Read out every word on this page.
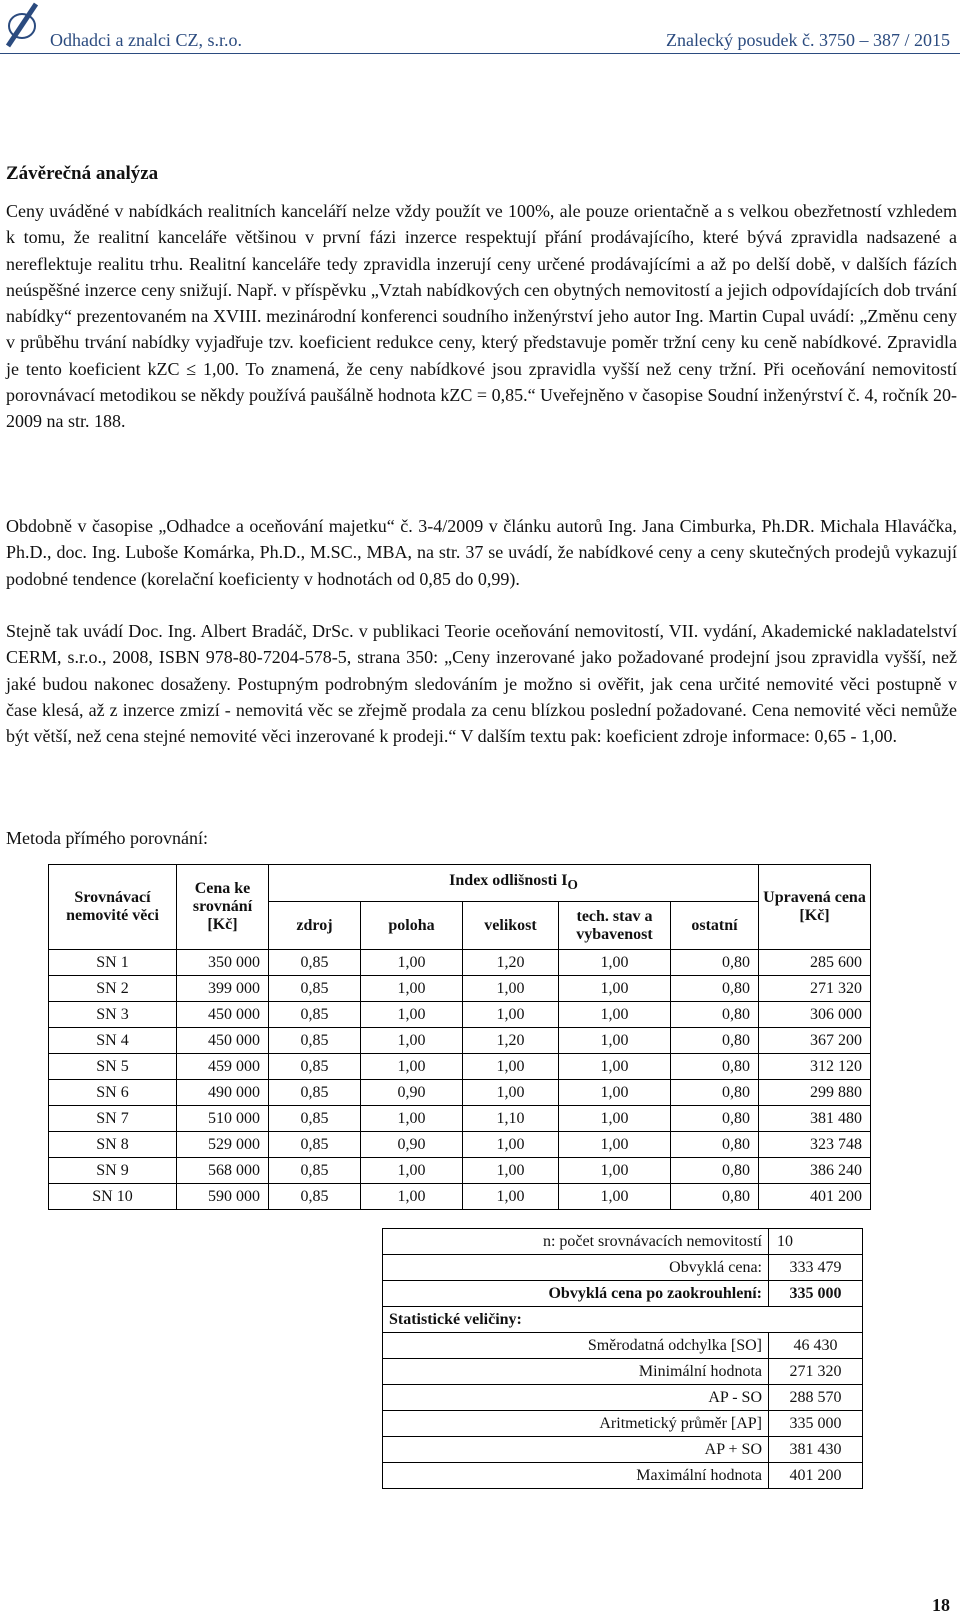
Odhadci a znalci CZ, s.r.o.	Znalecký posudek č. 3750 – 387 / 2015
Závěrečná analýza

Ceny uváděné v nabídkách realitních kanceláří nelze vždy použít ve 100%, ale pouze orientačně a s velkou obezřetností vzhledem k tomu, že realitní kanceláře většinou v první fázi inzerce respektují přání prodávajícího, které bývá zpravidla nadsazené a nereflektuje realitu trhu. Realitní kanceláře tedy zpravidla inzerují ceny určené prodávajícími a až po delší době, v dalších fázích neúspěšné inzerce ceny snižují. Např. v příspěvku „Vztah nabídkových cen obytných nemovitostí a jejich odpovídajících dob trvání nabídky“ prezentovaném na XVIII. mezinárodní konferenci soudního inženýrství jeho autor Ing. Martin Cupal uvádí: „Změnu ceny v průběhu trvání nabídky vyjadřuje tzv. koeficient redukce ceny, který představuje poměr tržní ceny ku ceně nabídkové. Zpravidla je tento koeficient kZC ≤ 1,00. To znamená, že ceny nabídkové jsou zpravidla vyšší než ceny tržní. Při oceňování nemovitostí porovnávací metodikou se někdy používá paušálně hodnota kZC = 0,85.“ Uveřejněno v časopise Soudní inženýrství č. 4, ročník 20-2009 na str. 188.

Obdobně v časopise „Odhadce a oceňování majetku“ č. 3-4/2009 v článku autorů Ing. Jana Cimburka, Ph.DR. Michala Hlaváčka, Ph.D., doc. Ing. Luboše Komárka, Ph.D., M.SC., MBA, na str. 37 se uvádí, že nabídkové ceny a ceny skutečných prodejů vykazují podobné tendence (korelační koeficienty v hodnotách od 0,85 do 0,99).

Stejně tak uvádí Doc. Ing. Albert Bradáč, DrSc. v publikaci Teorie oceňování nemovitostí, VII. vydání, Akademické nakladatelství CERM, s.r.o., 2008, ISBN 978-80-7204-578-5, strana 350: „Ceny inzerované jako požadované prodejní jsou zpravidla vyšší, než jaké budou nakonec dosaženy. Postupným podrobným sledováním je možno si ověřit, jak cena určité nemovité věci postupně v čase klesá, až z inzerce zmizí - nemovitá věc se zřejmě prodala za cenu blízkou poslední požadované. Cena nemovité věci nemůže být větší, než cena stejné nemovité věci inzerované k prodeji.“ V dalším textu pak: koeficient zdroje informace: 0,65 - 1,00.

Metoda přímého porovnání:
Srovnávací nemovité věci	Cena ke srovnání [Kč]	Index odlišnosti $I_O$					Upravená cena [Kč]
		zdroj	poloha	velikost	tech. stav a vybavenost	ostatní	
SN 1	350 000	0,85	1,00	1,20	1,00	0,80	285 600
SN 2	399 000	0,85	1,00	1,00	1,00	0,80	271 320
SN 3	450 000	0,85	1,00	1,00	1,00	0,80	306 000
SN 4	450 000	0,85	1,00	1,20	1,00	0,80	367 200
SN 5	459 000	0,85	1,00	1,00	1,00	0,80	312 120
SN 6	490 000	0,85	0,90	1,00	1,00	0,80	299 880
SN 7	510 000	0,85	1,00	1,10	1,00	0,80	381 480
SN 8	529 000	0,85	0,90	1,00	1,00	0,80	323 748
SN 9	568 000	0,85	1,00	1,00	1,00	0,80	386 240
SN 10	590 000	0,85	1,00	1,00	1,00	0,80	401 200
n: počet srovnávacích nemovitostí	10
Obvyklá cena:	333 479
Obvyklá cena po zaokrouhlení:	335 000
Statistické veličiny:	
Směrodatná odchylka [SO]	46 430
Minimální hodnota	271 320
AP - SO	288 570
Aritmetický průměr [AP]	335 000
AP + SO	381 430
Maximální hodnota	401 200
18
